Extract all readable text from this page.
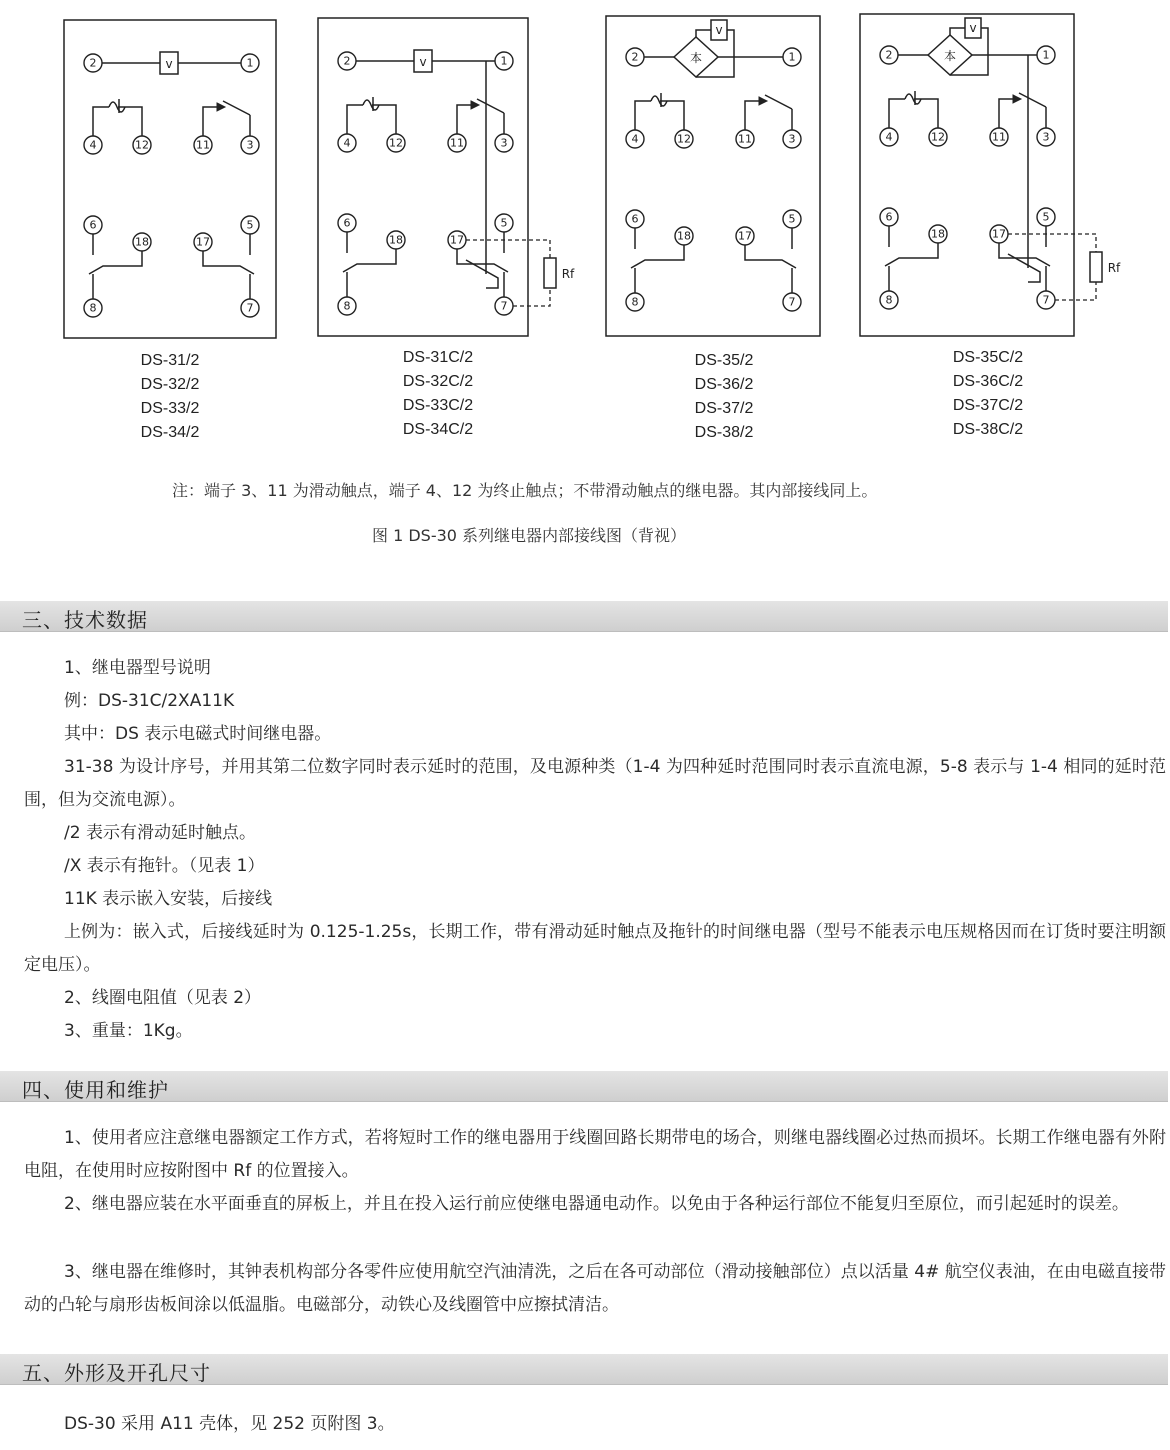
2	1
v
4	12	11	3
6	5
18	17
8	7
DS-31/2
DS-32/2
DS-33/2
DS-34/2
2	1
v
4	12	11	3
6	5
18	17
8	7
Rf
DS-31C/2
DS-32C/2
DS-33C/2
DS-34C/2
2	1
本
v
4	12	11	3
6	5
18	17
8	7
DS-35/2
DS-36/2
DS-37/2
DS-38/2
2	1
本
v
4	12	11	3
6	5
18	17
8	7
Rf
DS-35C/2
DS-36C/2
DS-37C/2
DS-38C/2
注：端子 3、11 为滑动触点，端子 4、12 为终止触点；不带滑动触点的继电器。其内部接线同上。
图 1 DS-30 系列继电器内部接线图（背视）
三、技术数据

1、继电器型号说明

例：DS-31C/2XA11K

其中：DS 表示电磁式时间继电器。

31-38 为设计序号，并用其第二位数字同时表示延时的范围，及电源种类（1-4 为四种延时范围同时表示直流电源，5-8 表示与 1-4 相同的延时范围，但为交流电源）。

/2 表示有滑动延时触点。

/X 表示有拖针。（见表 1）

11K 表示嵌入安装，后接线

上例为：嵌入式，后接线延时为 0.125-1.25s，长期工作，带有滑动延时触点及拖针的时间继电器（型号不能表示电压规格因而在订货时要注明额定电压）。

2、线圈电阻值（见表 2）

3、重量：1Kg。

四、使用和维护

1、使用者应注意继电器额定工作方式，若将短时工作的继电器用于线圈回路长期带电的场合，则继电器线圈必过热而损坏。长期工作继电器有外附电阻，在使用时应按附图中 Rf 的位置接入。

2、继电器应装在水平面垂直的屏板上，并且在投入运行前应使继电器通电动作。以免由于各种运行部位不能复归至原位，而引起延时的误差。

3、继电器在维修时，其钟表机构部分各零件应使用航空汽油清洗，之后在各可动部位（滑动接触部位）点以活量 4# 航空仪表油，在由电磁直接带动的凸轮与扇形齿板间涂以低温脂。电磁部分，动铁心及线圈管中应擦拭清洁。

五、外形及开孔尺寸

DS-30 采用 A11 壳体，见 252 页附图 3。
